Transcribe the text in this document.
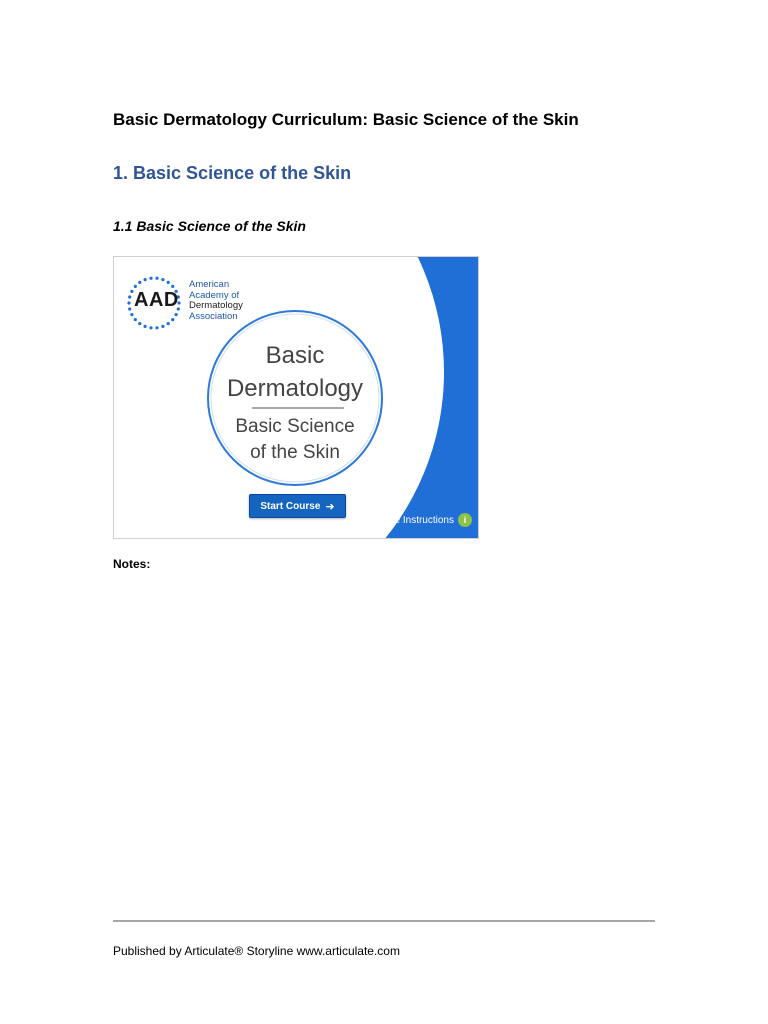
Basic Dermatology Curriculum: Basic Science of the Skin
1. Basic Science of the Skin
1.1 Basic Science of the Skin
AAD
American
Academy of
Dermatology
Association
Basic
Dermatology
Basic Science
of the Skin
Start Course ➜
Course Instructions	i
Notes:
Published by Articulate® Storyline www.articulate.com
